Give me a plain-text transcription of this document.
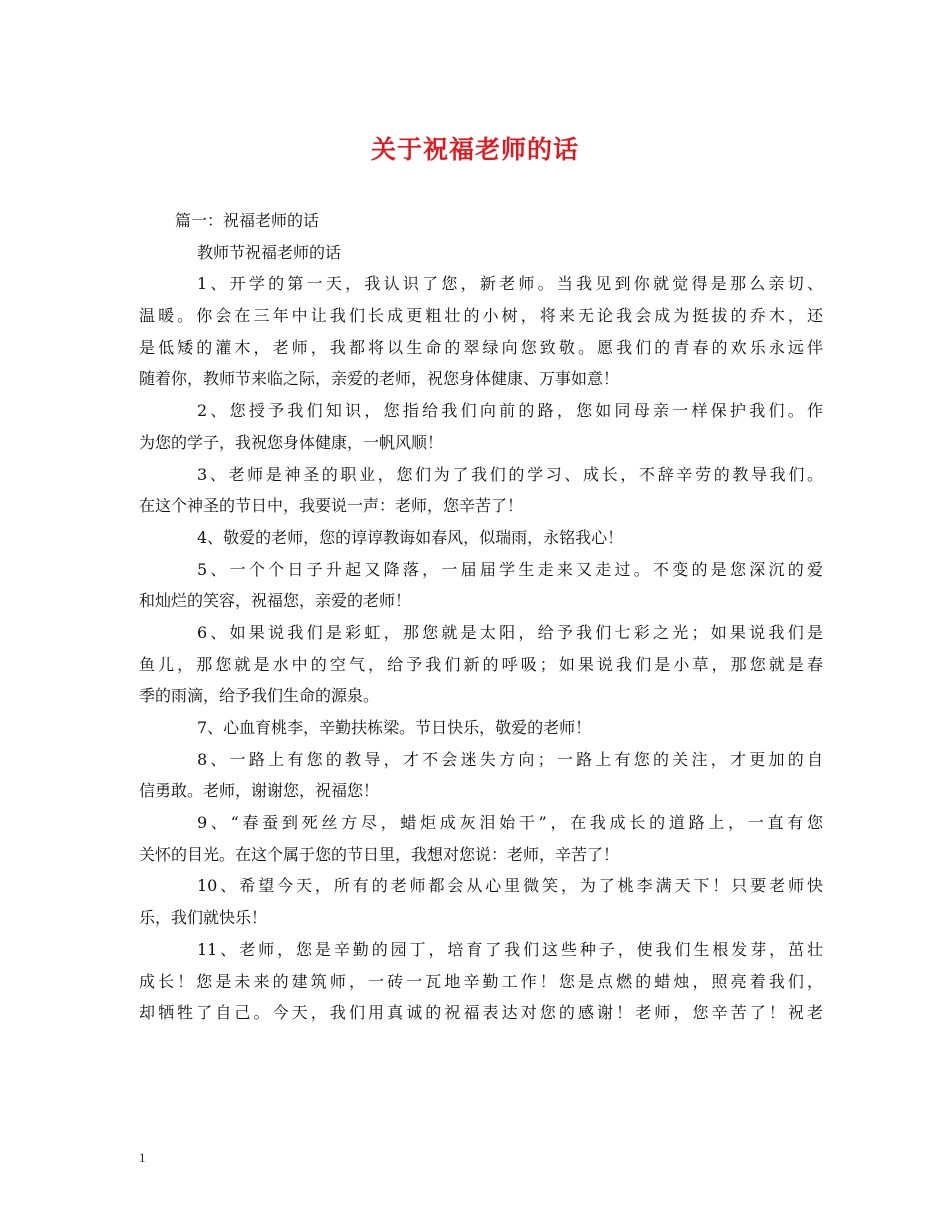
关于祝福老师的话
篇一：祝福老师的话
教师节祝福老师的话
1、开学的第一天，我认识了您，新老师。当我见到你就觉得是那么亲切、
温暖。你会在三年中让我们长成更粗壮的小树，将来无论我会成为挺拔的乔木，还
是低矮的灌木，老师，我都将以生命的翠绿向您致敬。愿我们的青春的欢乐永远伴
随着你，教师节来临之际，亲爱的老师，祝您身体健康、万事如意！
2、您授予我们知识，您指给我们向前的路，您如同母亲一样保护我们。作
为您的学子，我祝您身体健康，一帆风顺！
3、老师是神圣的职业，您们为了我们的学习、成长，不辞辛劳的教导我们。
在这个神圣的节日中，我要说一声：老师，您辛苦了！
4、敬爱的老师，您的谆谆教诲如春风，似瑞雨，永铭我心！
5、一个个日子升起又降落，一届届学生走来又走过。不变的是您深沉的爱
和灿烂的笑容，祝福您，亲爱的老师！
6、如果说我们是彩虹，那您就是太阳，给予我们七彩之光；如果说我们是
鱼儿，那您就是水中的空气，给予我们新的呼吸；如果说我们是小草，那您就是春
季的雨滴，给予我们生命的源泉。
7、心血育桃李，辛勤扶栋梁。节日快乐，敬爱的老师！
8、一路上有您的教导，才不会迷失方向；一路上有您的关注，才更加的自
信勇敢。老师，谢谢您，祝福您！
9、“春蚕到死丝方尽，蜡炬成灰泪始干”，在我成长的道路上，一直有您
关怀的目光。在这个属于您的节日里，我想对您说：老师，辛苦了！
10、希望今天，所有的老师都会从心里微笑，为了桃李满天下！只要老师快
乐，我们就快乐！
11、老师，您是辛勤的园丁，培育了我们这些种子，使我们生根发芽，茁壮
成长！您是未来的建筑师，一砖一瓦地辛勤工作！您是点燃的蜡烛，照亮着我们，
却牺牲了自己。今天，我们用真诚的祝福表达对您的感谢！老师，您辛苦了！祝老
1
